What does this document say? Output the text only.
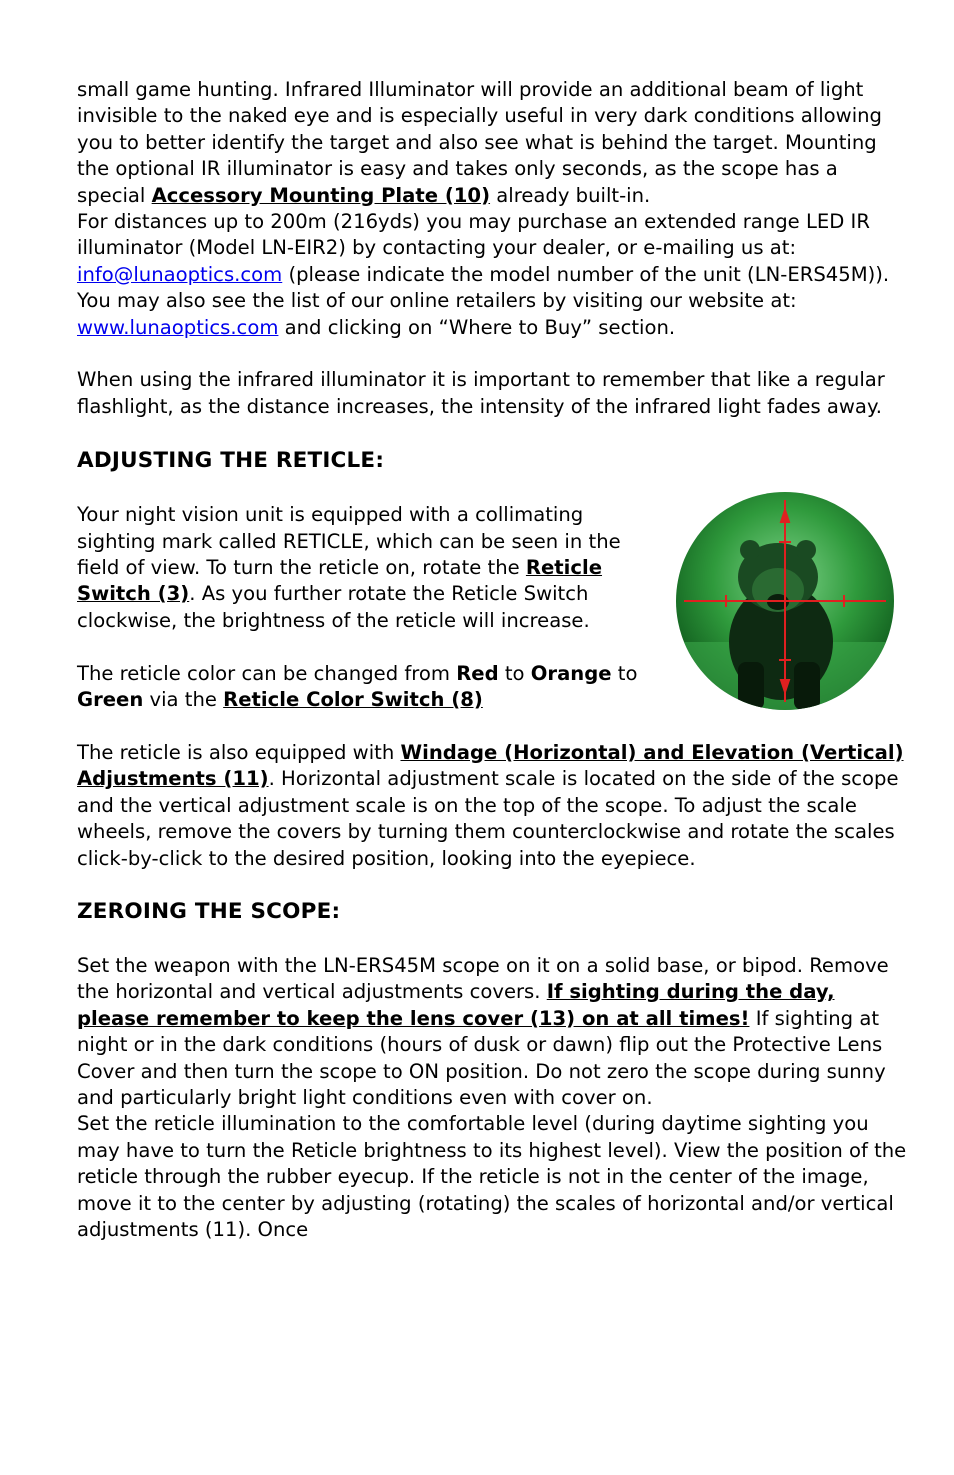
small game hunting. Infrared Illuminator will provide an additional beam of light invisible to the naked eye and is especially useful in very dark conditions allowing you to better identify the target and also see what is behind the target. Mounting the optional IR illuminator is easy and takes only seconds, as the scope has a special Accessory Mounting Plate (10) already built-in.

For distances up to 200m (216yds) you may purchase an extended range LED IR illuminator (Model LN-EIR2) by contacting your dealer, or e-mailing us at: info@lunaoptics.com (please indicate the model number of the unit (LN-ERS45M)). You may also see the list of our online retailers by visiting our website at: www.lunaoptics.com and clicking on “Where to Buy” section.

When using the infrared illuminator it is important to remember that like a regular flashlight, as the distance increases, the intensity of the infrared light fades away.

ADJUSTING THE RETICLE:

Your night vision unit is equipped with a collimating sighting mark called RETICLE, which can be seen in the field of view. To turn the reticle on, rotate the Reticle Switch (3). As you further rotate the Reticle Switch clockwise, the brightness of the reticle will increase.

The reticle color can be changed from Red to Orange to Green via the Reticle Color Switch (8)

The reticle is also equipped with Windage (Horizontal) and Elevation (Vertical) Adjustments (11). Horizontal adjustment scale is located on the side of the scope and the vertical adjustment scale is on the top of the scope. To adjust the scale wheels, remove the covers by turning them counterclockwise and rotate the scales click-by-click to the desired position, looking into the eyepiece.

ZEROING THE SCOPE:

Set the weapon with the LN-ERS45M scope on it on a solid base, or bipod. Remove the horizontal and vertical adjustments covers. If sighting during the day, please remember to keep the lens cover (13) on at all times! If sighting at night or in the dark conditions (hours of dusk or dawn) flip out the Protective Lens Cover and then turn the scope to ON position. Do not zero the scope during sunny and particularly bright light conditions even with cover on.

Set the reticle illumination to the comfortable level (during daytime sighting you may have to turn the Reticle brightness to its highest level). View the position of the reticle through the rubber eyecup. If the reticle is not in the center of the image, move it to the center by adjusting (rotating) the scales of horizontal and/or vertical adjustments (11). Once
